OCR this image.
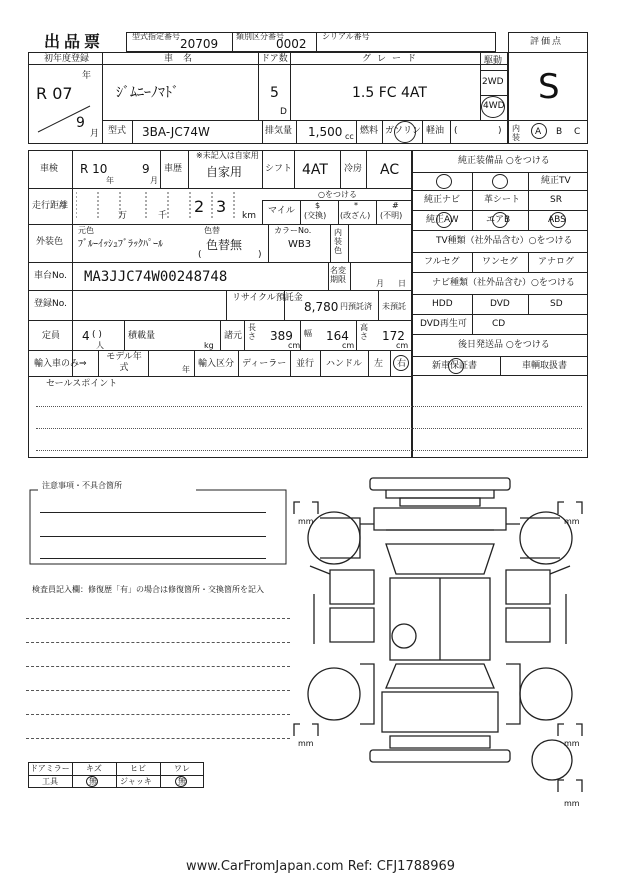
出品票	型式指定番号
20709
類別区分番号
0002
シリアル番号
評価点
S
初年度登録
R 07
年
9
月
車名
ｼﾞﾑﾆｰﾉﾏﾄﾞ
ドア数
5
D
グレード
1.5 FC 4AT
駆動
2WD
4WD
型式 3BA-JC74W	排気量 1,500 cc
燃料 ガソリン 軽油 (	) 内装
A B C
車検 R 10
年
9
月
車歴
※未記入は自家用
自家用	シフト 4AT 冷房 AC
走行距離
万	千 2 3 km
○をつける
マイル
$
(交換)
*
(改ざん)
#
(不明)
外装色
元色
ﾌﾞﾙｰｲｯｼｭﾌﾞﾗｯｸﾊﾟｰﾙ
色替
色替無
(	)
カラーNo.
WB3
内装色
車台No. MA3JJC74W00248748	名変期限	月 日
登録No.
リサイクル預託金
8,780 円預託済 未預託
定員 4 ( )
人
積載量
kg
諸元
長さ 389
cm
幅 164
cm
高さ 172
cm
輸入車のみ⇒
モデル年式	年
輸入区分 ディーラー 並行 ハンドル 左 右
セールスポイント
純正装備品 ○をつける
純正TV
純正ナビ	革シート	SR
純正AW	エアB	ABS
TV種類（社外品含む）○をつける
フルセグ ワンセグ アナログ
ナビ種類（社外品含む）○をつける
HDD	DVD	SD
DVD再生可	CD
後日発送品 ○をつける
新車保証書	車輌取扱書
注意事項・不具合箇所
検査員記入欄：修復歴「有」の場合は修復箇所・交換箇所を記入
ドアミラー キズ	ヒビ	ワレ
工具	無	ジャッキ	無
mm	mm
mm	mm
mm
www.CarFromJapan.com Ref: CFJ1788969
